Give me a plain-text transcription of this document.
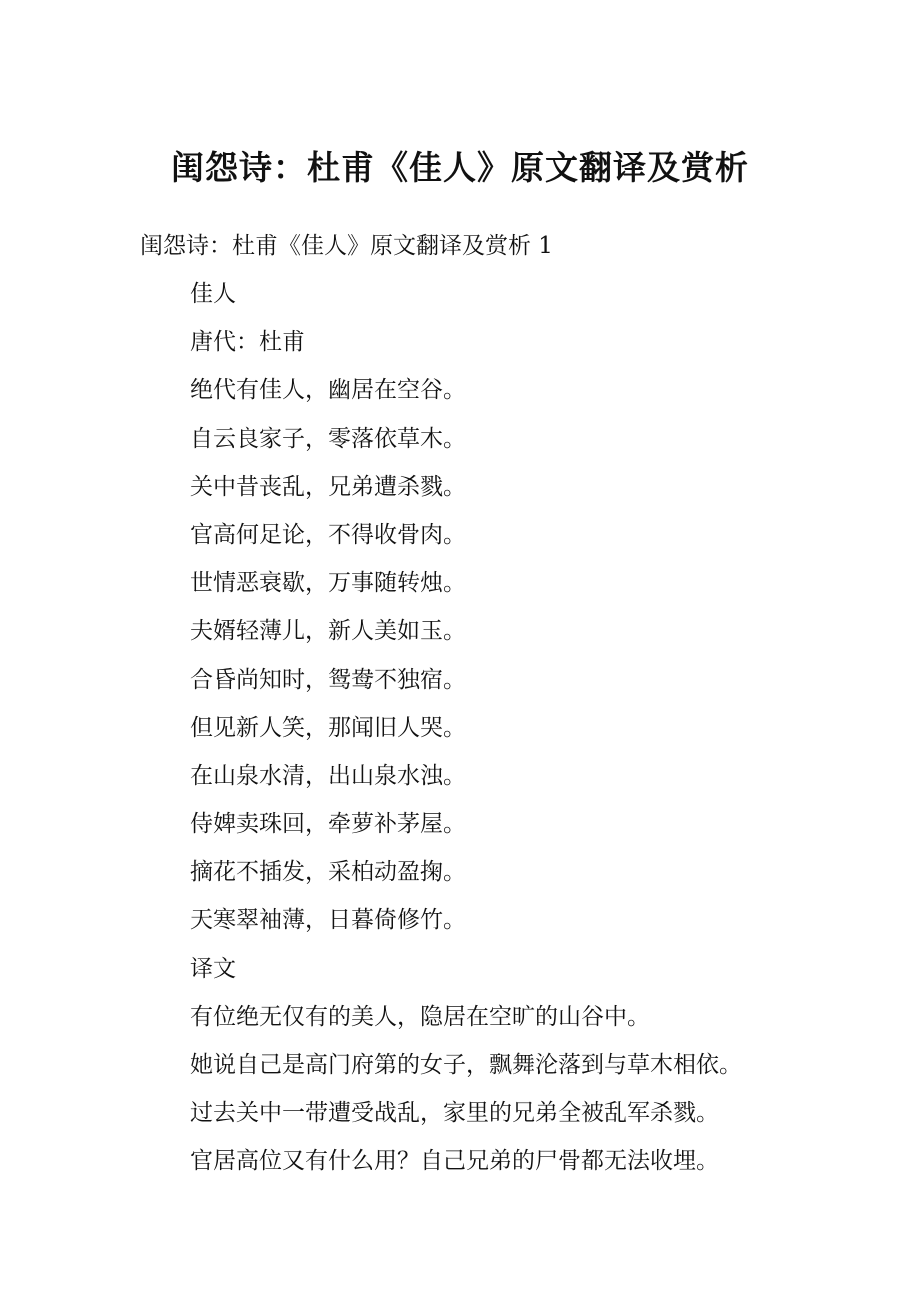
闺怨诗：杜甫《佳人》原文翻译及赏析

闺怨诗：杜甫《佳人》原文翻译及赏析 1

佳人
唐代：杜甫
绝代有佳人，幽居在空谷。
自云良家子，零落依草木。
关中昔丧乱，兄弟遭杀戮。
官高何足论，不得收骨肉。
世情恶衰歇，万事随转烛。
夫婿轻薄儿，新人美如玉。
合昏尚知时，鸳鸯不独宿。
但见新人笑，那闻旧人哭。
在山泉水清，出山泉水浊。
侍婢卖珠回，牵萝补茅屋。
摘花不插发，采柏动盈掬。
天寒翠袖薄，日暮倚修竹。
译文
有位绝无仅有的美人，隐居在空旷的山谷中。
她说自己是高门府第的女子，飘舞沦落到与草木相依。
过去关中一带遭受战乱，家里的兄弟全被乱军杀戮。
官居高位又有什么用？自己兄弟的尸骨都无法收埋。
